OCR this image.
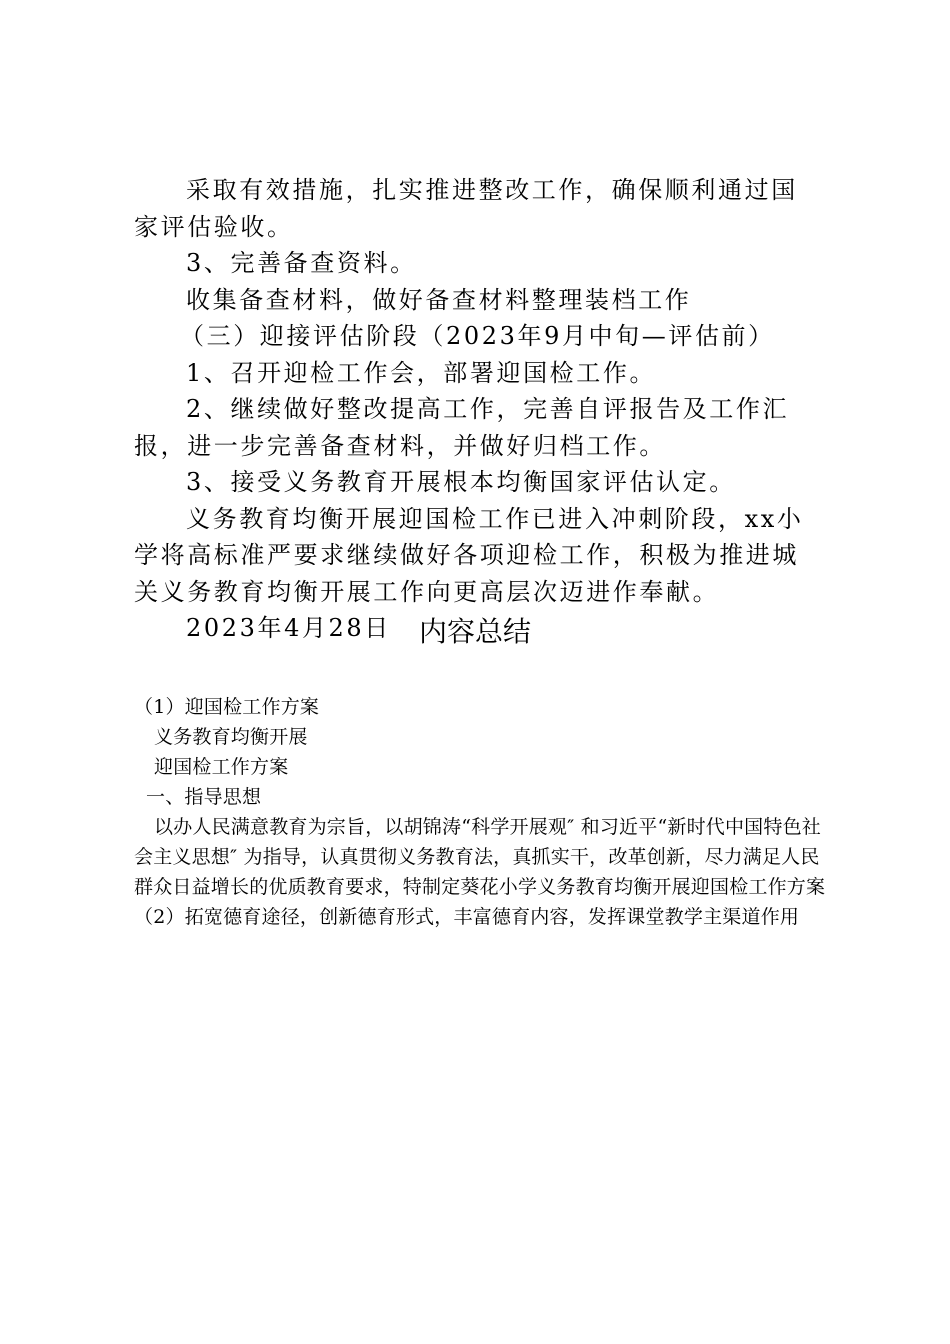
采取有效措施，扎实推进整改工作，确保顺利通过国家评估验收。

3、完善备查资料。

收集备查材料，做好备查材料整理装档工作

（三）迎接评估阶段（2023年9月中旬—评估前）

1、召开迎检工作会，部署迎国检工作。

2、继续做好整改提高工作，完善自评报告及工作汇报，进一步完善备查材料，并做好归档工作。

3、接受义务教育开展根本均衡国家评估认定。

义务教育均衡开展迎国检工作已进入冲刺阶段，xx小学将高标准严要求继续做好各项迎检工作，积极为推进城关义务教育均衡开展工作向更高层次迈进作奉献。

2023年4月28日	内容总结

（1）迎国检工作方案

义务教育均衡开展

迎国检工作方案

一、指导思想

以办人民满意教育为宗旨，以胡锦涛“科学开展观″ 和习近平“新时代中国特色社会主义思想″ 为指导，认真贯彻义务教育法，真抓实干，改革创新，尽力满足人民群众日益增长的优质教育要求，特制定葵花小学义务教育均衡开展迎国检工作方案

（2）拓宽德育途径，创新德育形式，丰富德育内容，发挥课堂教学主渠道作用
